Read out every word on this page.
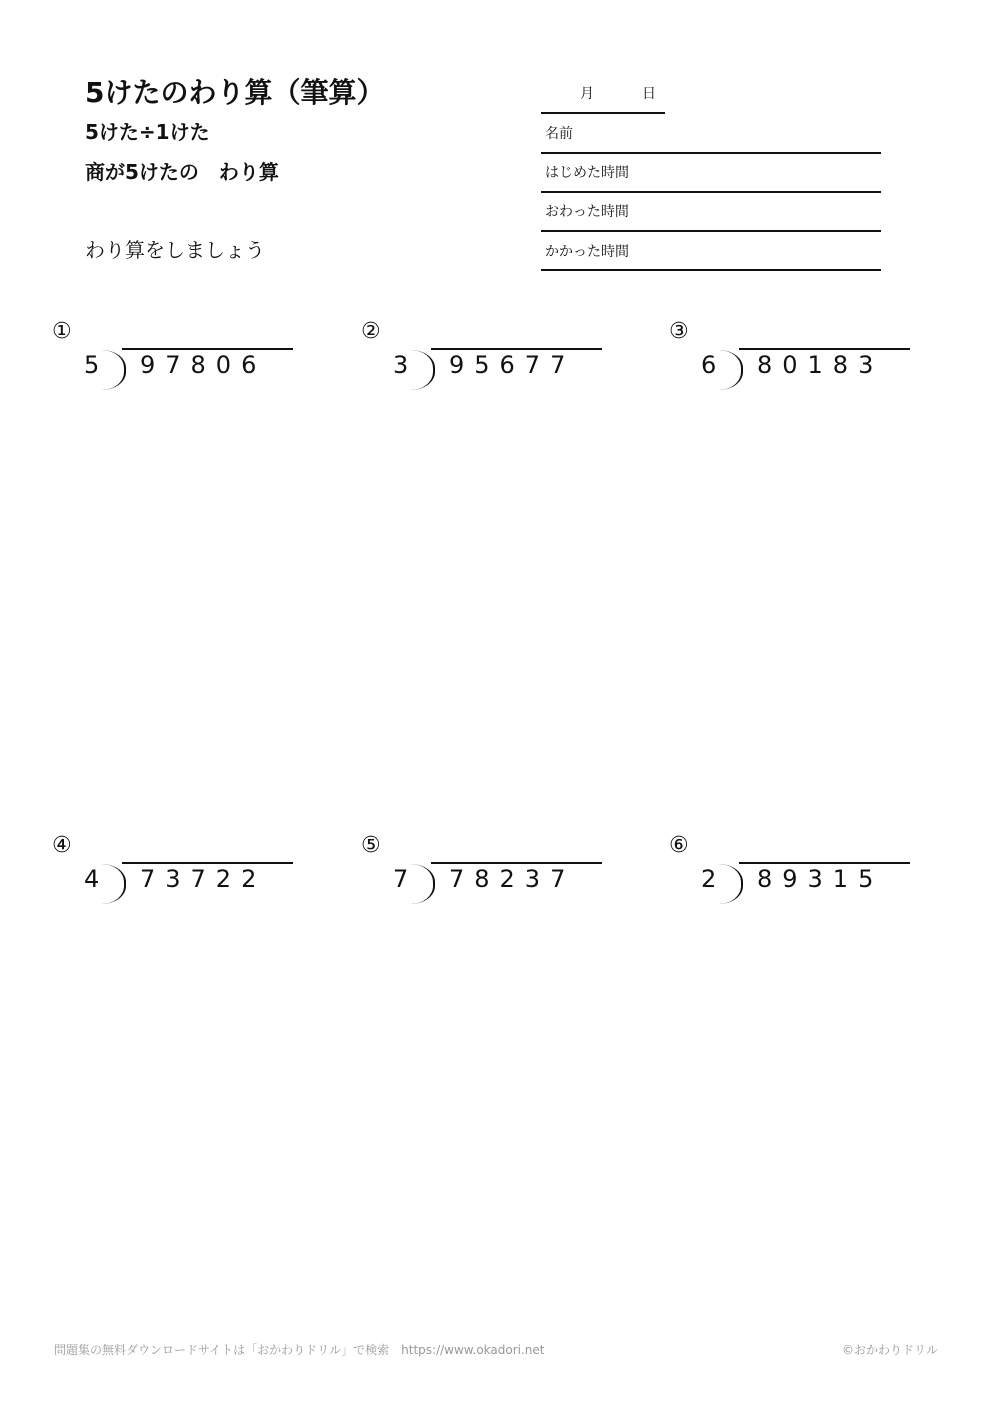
5けたのわり算（筆算）
5けた÷1けた
商が5けたの　わり算
わり算をしましょう
月	日
名前
はじめた時間
おわった時間
かかった時間
①
5 97806
②
3 95677
③
6 80183
④
4 73722
⑤
7 78237
⑥
2 89315
問題集の無料ダウンロードサイトは「おかわりドリル」で検索　https://www.okadori.net	©おかわりドリル
